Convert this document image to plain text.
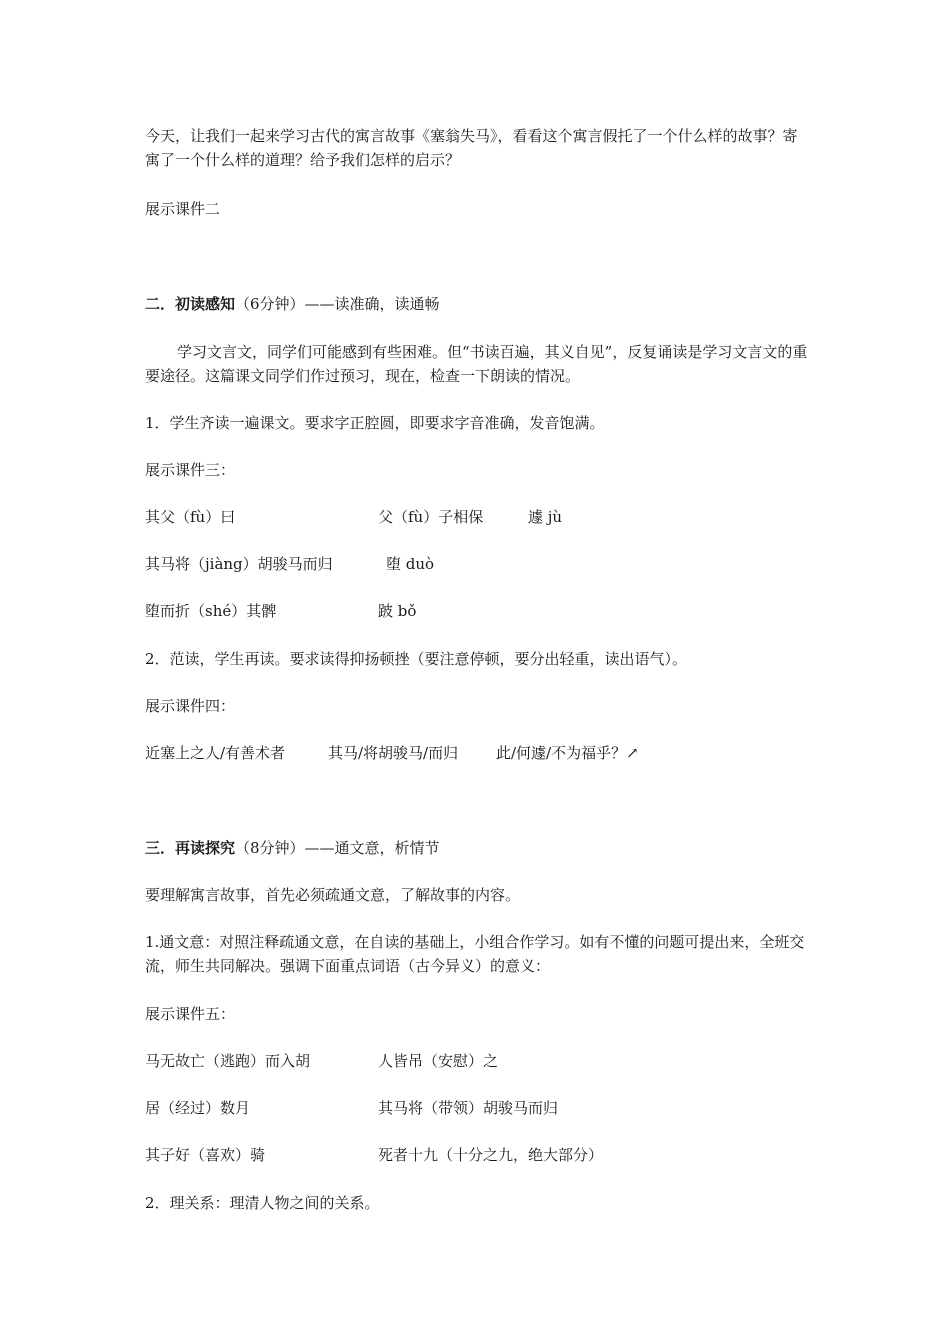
今天，让我们一起来学习古代的寓言故事《塞翁失马》，看看这个寓言假托了一个什么样的故事？寄寓了一个什么样的道理？给予我们怎样的启示？
展示课件二
二．初读感知（6分钟）——读准确，读通畅
学习文言文，同学们可能感到有些困难。但“书读百遍，其义自见”，反复诵读是学习文言文的重要途径。这篇课文同学们作过预习，现在，检查一下朗读的情况。
1．学生齐读一遍课文。要求字正腔圆，即要求字音准确，发音饱满。
展示课件三：
其父（fù）曰	父（fù）子相保	遽 jù
其马将（jiàng）胡骏马而归	堕 duò
堕而折（shé）其髀	跛 bǒ
2．范读，学生再读。要求读得抑扬顿挫（要注意停顿，要分出轻重，读出语气）。
展示课件四：
近塞上之人/有善术者	其马/将胡骏马/而归	此/何遽/不为福乎？↗
三．再读探究（8分钟）——通文意，析情节
要理解寓言故事，首先必须疏通文意，了解故事的内容。
1.通文意：对照注释疏通文意，在自读的基础上，小组合作学习。如有不懂的问题可提出来，全班交流，师生共同解决。强调下面重点词语（古今异义）的意义：
展示课件五：
马无故亡（逃跑）而入胡	人皆吊（安慰）之
居（经过）数月	其马将（带领）胡骏马而归
其子好（喜欢）骑	死者十九（十分之九，绝大部分）
2．理关系：理清人物之间的关系。
